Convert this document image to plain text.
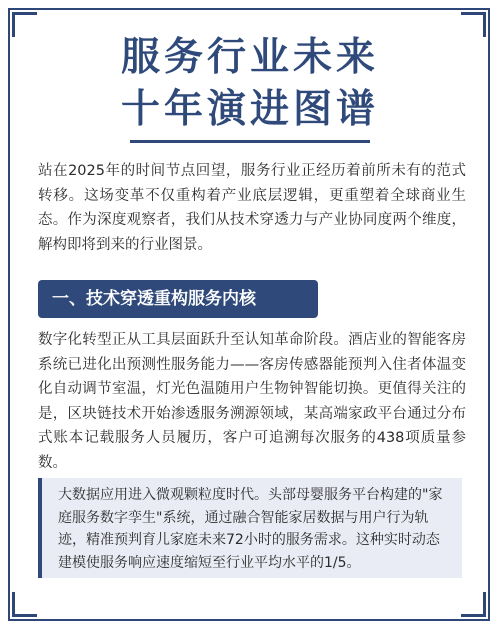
服务行业未来
十年演进图谱

站在2025年的时间节点回望，服务行业正经历着前所未有的范式转移。这场变革不仅重构着产业底层逻辑，更重塑着全球商业生态。作为深度观察者，我们从技术穿透力与产业协同度两个维度，解构即将到来的行业图景。

一、技术穿透重构服务内核

数字化转型正从工具层面跃升至认知革命阶段。酒店业的智能客房系统已进化出预测性服务能力——客房传感器能预判入住者体温变化自动调节室温，灯光色温随用户生物钟智能切换。更值得关注的是，区块链技术开始渗透服务溯源领域，某高端家政平台通过分布式账本记载服务人员履历，客户可追溯每次服务的438项质量参数。

大数据应用进入微观颗粒度时代。头部母婴服务平台构建的"家庭服务数字孪生"系统，通过融合智能家居数据与用户行为轨迹，精准预判育儿家庭未来72小时的服务需求。这种实时动态建模使服务响应速度缩短至行业平均水平的1/5。
